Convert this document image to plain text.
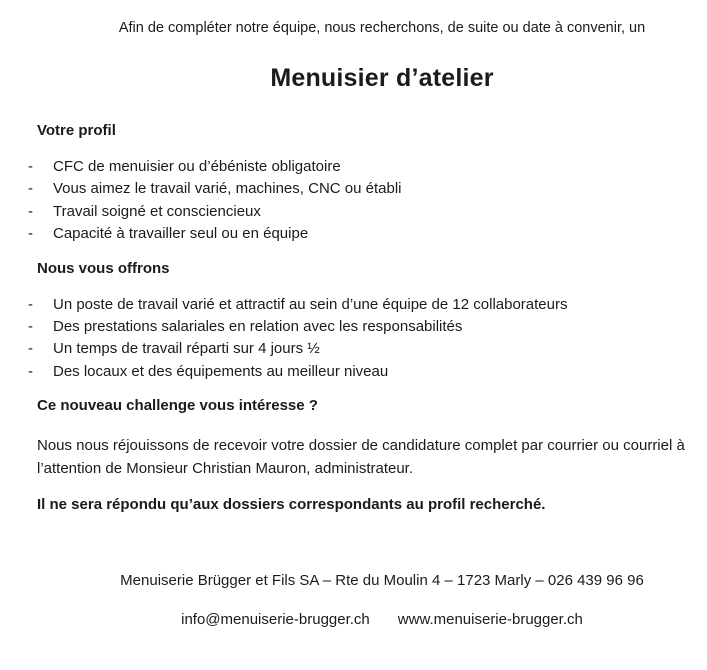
Afin de compléter notre équipe, nous recherchons, de suite ou date à convenir, un
Menuisier d’atelier
Votre profil
-	CFC de menuisier ou d’ébéniste obligatoire
-	Vous aimez le travail varié, machines, CNC ou établi
-	Travail soigné et consciencieux
-	Capacité à travailler seul ou en équipe
Nous vous offrons
-	Un poste de travail varié et attractif au sein d’une équipe de 12 collaborateurs
-	Des prestations salariales en relation avec les responsabilités
-	Un temps de travail réparti sur 4 jours ½
-	Des locaux et des équipements au meilleur niveau
Ce nouveau challenge vous intéresse ?
Nous nous réjouissons de recevoir votre dossier de candidature complet par courrier ou courriel à l’attention de Monsieur Christian Mauron, administrateur.
Il ne sera répondu qu’aux dossiers correspondants au profil recherché.
Menuiserie Brügger et Fils SA – Rte du Moulin 4 – 1723 Marly – 026 439 96 96
info@menuiserie-brugger.ch www.menuiserie-brugger.ch
